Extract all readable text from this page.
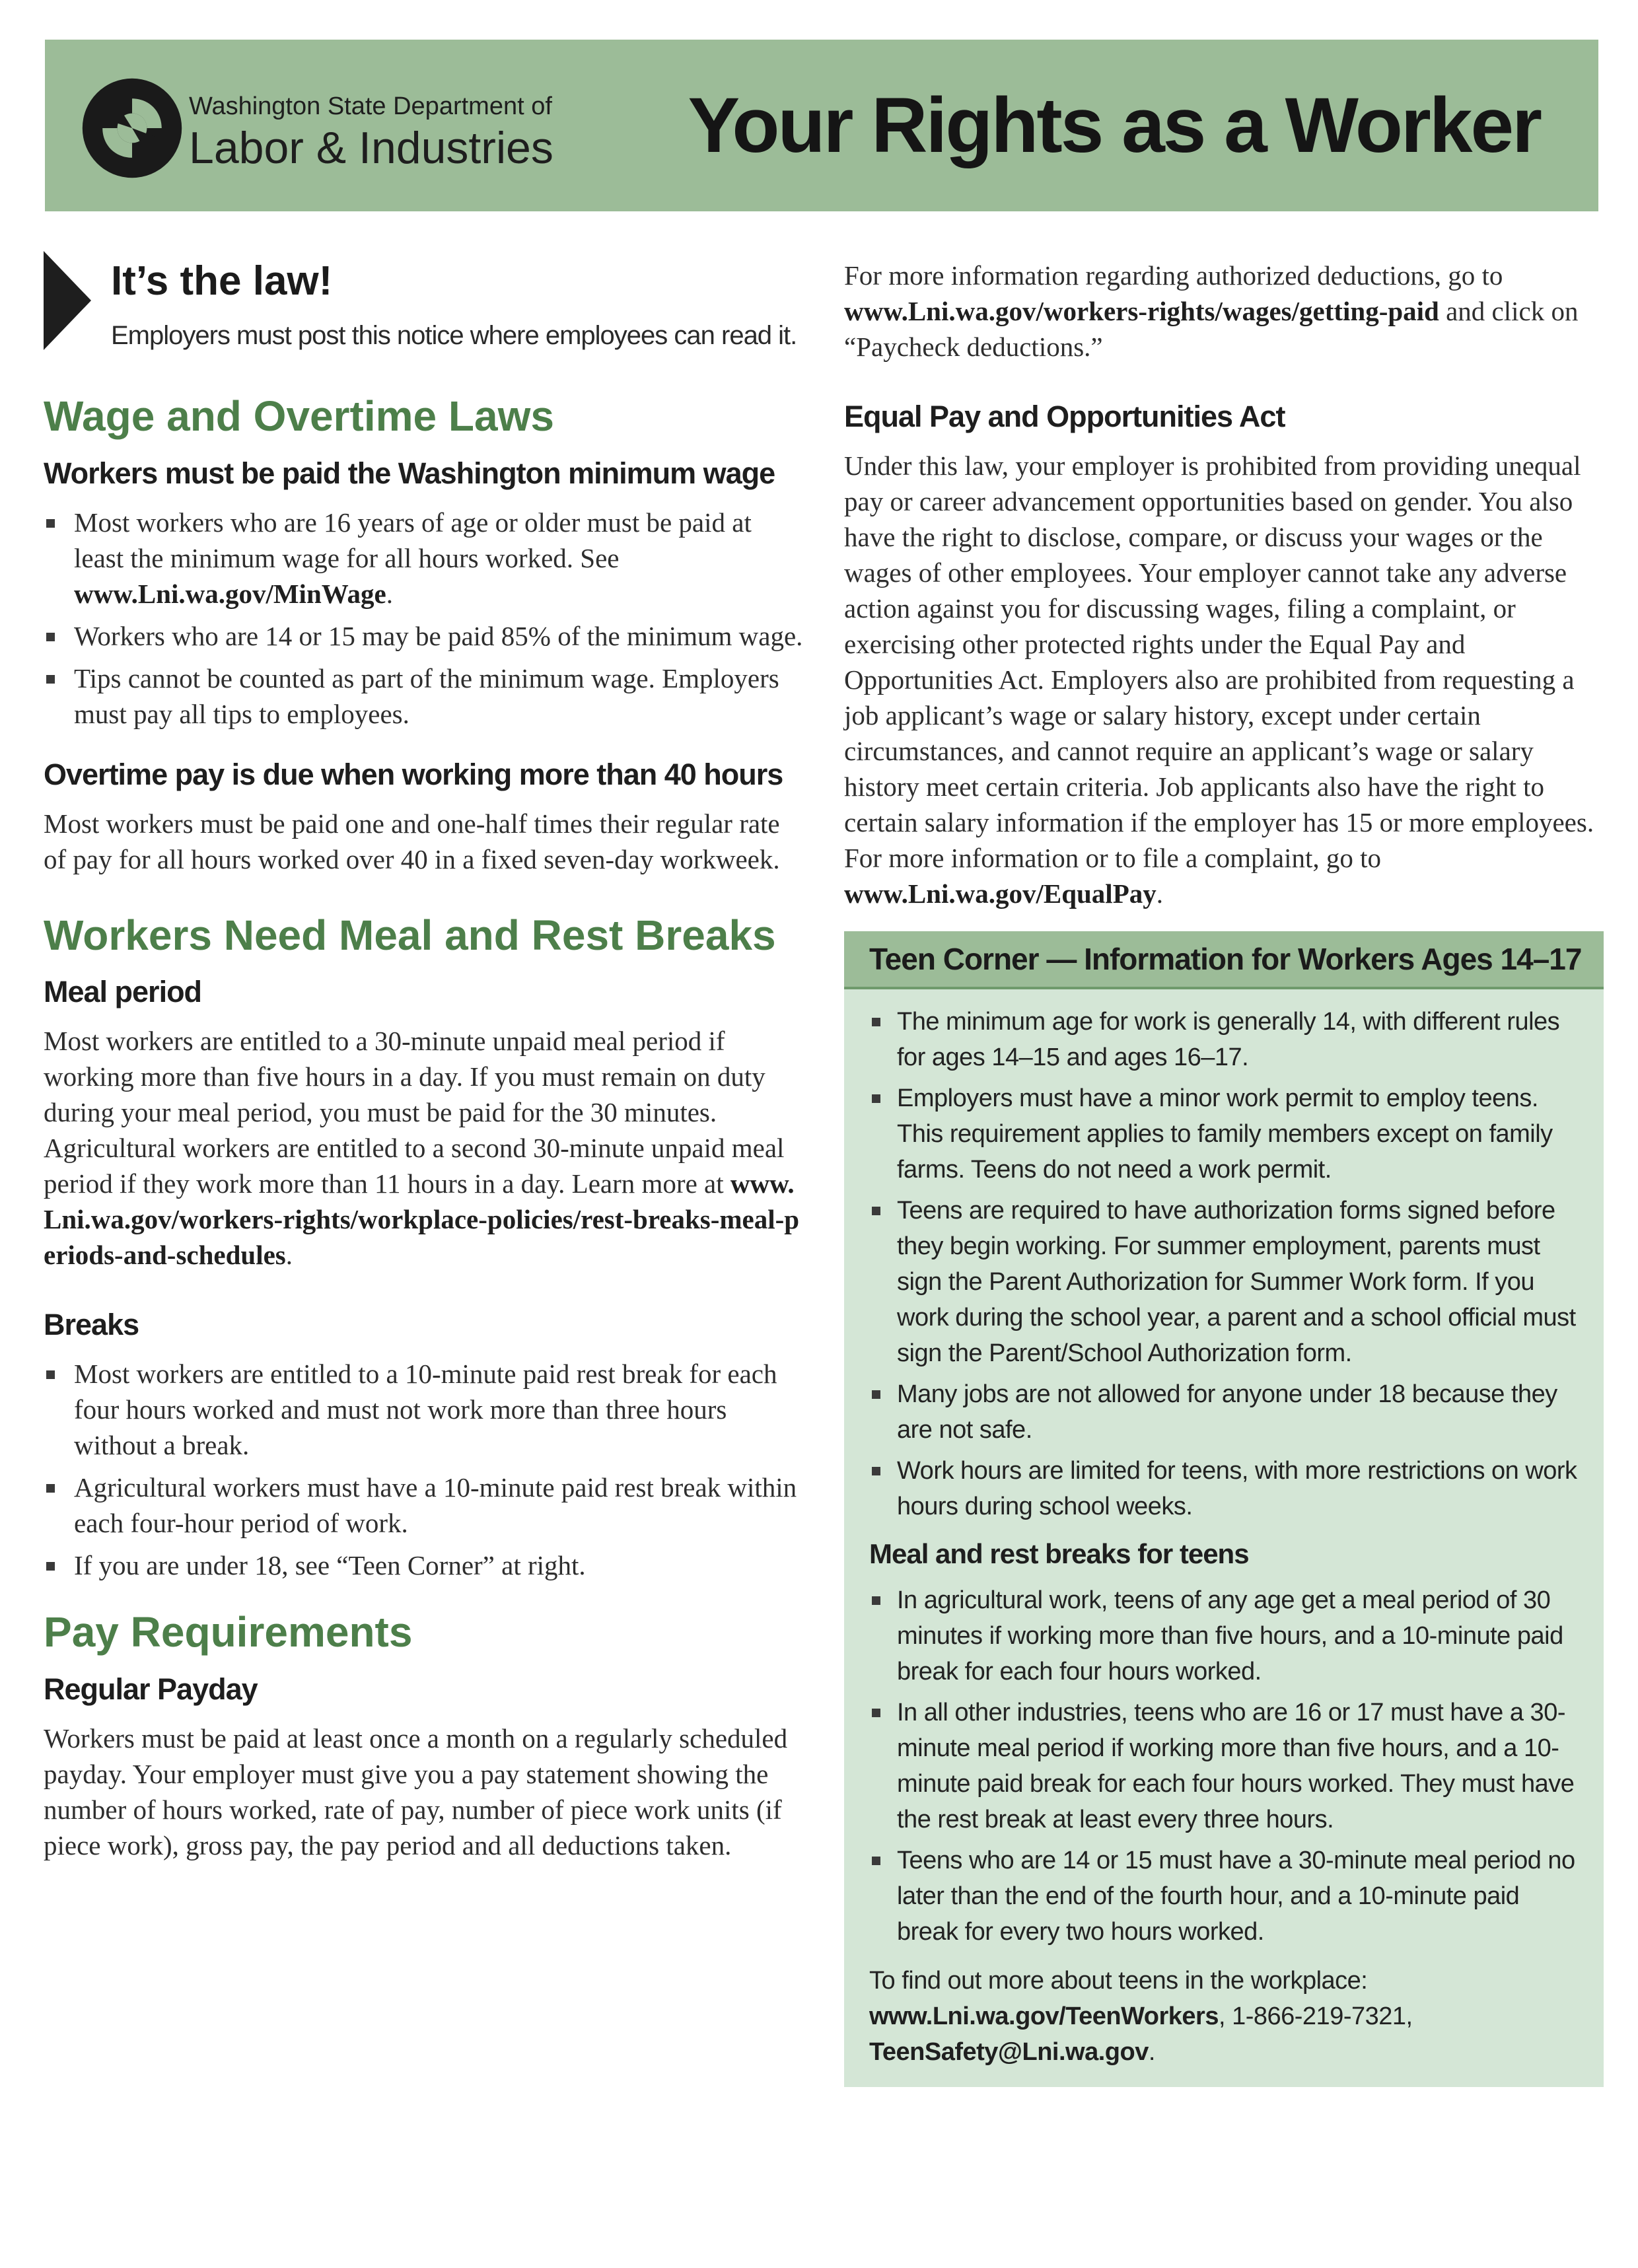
Washington State Department of
Labor & Industries Your Rights as a Worker
It’s the law!
Employers must post this notice where employees can read it.
Wage and Overtime Laws
Workers must be paid the Washington minimum wage
Most workers who are 16 years of age or older must be paid at least the minimum wage for all hours worked. See www.Lni.wa.gov/MinWage.
Workers who are 14 or 15 may be paid 85% of the minimum wage.
Tips cannot be counted as part of the minimum wage. Employers must pay all tips to employees.
Overtime pay is due when working more than 40 hours

Most workers must be paid one and one-half times their regular rate of pay for all hours worked over 40 in a fixed seven-day workweek.

Workers Need Meal and Rest Breaks
Meal period

Most workers are entitled to a 30-minute unpaid meal period if working more than five hours in a day. If you must remain on duty during your meal period, you must be paid for the 30 minutes. Agricultural workers are entitled to a second 30-minute unpaid meal period if they work more than 11 hours in a day. Learn more at www.Lni.wa.gov/workers-rights/workplace-policies/rest-breaks-meal-periods-and-schedules.

Breaks
Most workers are entitled to a 10-minute paid rest break for each four hours worked and must not work more than three hours without a break.
Agricultural workers must have a 10-minute paid rest break within each four-hour period of work.
If you are under 18, see “Teen Corner” at right.
Pay Requirements
Regular Payday

Workers must be paid at least once a month on a regularly scheduled payday. Your employer must give you a pay statement showing the number of hours worked, rate of pay, number of piece work units (if piece work), gross pay, the pay period and all deductions taken.

For more information regarding authorized deductions, go to www.Lni.wa.gov/workers-rights/wages/getting-paid and click on “Paycheck deductions.”

Equal Pay and Opportunities Act

Under this law, your employer is prohibited from providing unequal pay or career advancement opportunities based on gender. You also have the right to disclose, compare, or discuss your wages or the wages of other employees. Your employer cannot take any adverse action against you for discussing wages, filing a complaint, or exercising other protected rights under the Equal Pay and Opportunities Act. Employers also are prohibited from requesting a job applicant’s wage or salary history, except under certain circumstances, and cannot require an applicant’s wage or salary history meet certain criteria. Job applicants also have the right to certain salary information if the employer has 15 or more employees. For more information or to file a complaint, go to www.Lni.wa.gov/EqualPay.

Teen Corner — Information for Workers Ages 14–17
The minimum age for work is generally 14, with different rules for ages 14–15 and ages 16–17.
Employers must have a minor work permit to employ teens. This requirement applies to family members except on family farms. Teens do not need a work permit.
Teens are required to have authorization forms signed before they begin working. For summer employment, parents must sign the Parent Authorization for Summer Work form. If you work during the school year, a parent and a school official must sign the Parent/School Authorization form.
Many jobs are not allowed for anyone under 18 because they are not safe.
Work hours are limited for teens, with more restrictions on work hours during school weeks.
Meal and rest breaks for teens
In agricultural work, teens of any age get a meal period of 30 minutes if working more than five hours, and a 10-minute paid break for each four hours worked.
In all other industries, teens who are 16 or 17 must have a 30-minute meal period if working more than five hours, and a 10-minute paid break for each four hours worked. They must have the rest break at least every three hours.
Teens who are 14 or 15 must have a 30-minute meal period no later than the end of the fourth hour, and a 10-minute paid break for every two hours worked.

To find out more about teens in the workplace: www.Lni.wa.gov/TeenWorkers, 1-866-219-7321, TeenSafety@Lni.wa.gov.
